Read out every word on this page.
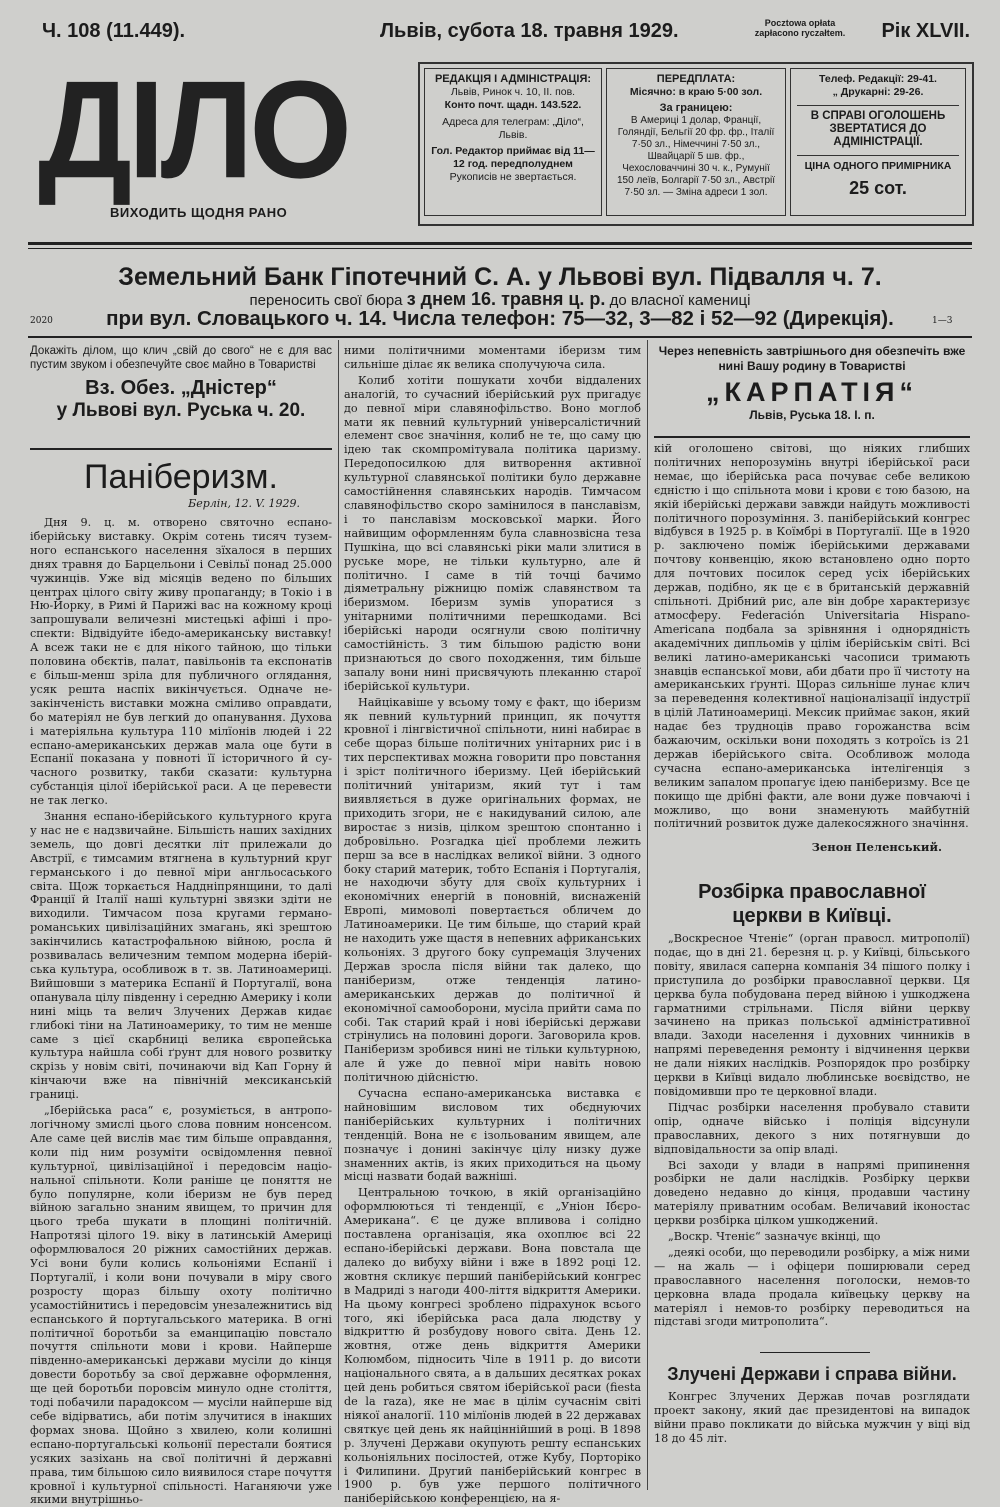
Ч. 108 (11.449).	Львів, субота 18. травня 1929.	Pocztowa opłata zapłacono ryczałtem. Рік XLVII.
ДІЛО
ВИХОДИТЬ ЩОДНЯ РАНО
РЕДАКЦІЯ І АДМІНІСТРАЦІЯ:
Львів, Ринок ч. 10, II. пов.
Конто почт. щадн. 143.522.
Адреса для телеграм: „Діло“, Львів.
Гол. Редактор приймає від 11—12 год. передполуднем
Рукописів не звертається.
ПЕРЕДПЛАТА:
Місячно: в краю 5·00 зол.
За границею:
В Америці 1 долар, Франції, Голяндії, Бельгії 20 фр. фр., Італії 7·50 зл., Німеччині 7·50 зл., Швайцарії 5 шв. фр., Чехословаччині 30 ч. к., Румунії 150 леїв, Болгарії 7·50 зл., Австрії 7·50 зл. — Зміна адреси 1 зол.
Телеф. Редакції: 29-41.
„ Друкарні: 29-26.
В СПРАВІ ОГОЛОШЕНЬ ЗВЕРТАТИСЯ ДО АДМІНІСТРАЦІЇ.
ЦІНА ОДНОГО ПРИМІРНИКА
25 сот.
Земельний Банк Гіпотечний С. А. у Львові вул. Підвалля ч. 7.
переносить свої бюра з днем 16. травня ц. р. до власної камениці
2020	при вул. Словацького ч. 14. Числа телефон: 75—32, 3—82 і 52—92 (Дирекція).	1—3
Докажіть ділом, що клич „свій до свого“ не є для вас пустим звуком і обезпечуйте своє майно в Товаристві
Вз. Обез. „Дністер“
у Львові вул. Руська ч. 20.
Паніберизм.
Берлін, 12. V. 1929.

Дня 9. ц. м. отворено святочно еспано-іберійську виставку. Окрім сотень тисяч туземного еспанського населення зїхалося в перших днях травня до Барцельони і Севільї понад 25.000 чужинців. Уже від місяців ведено по більших центрах цілого світу живу пропаганду; в Токіо і в Ню-Йорку, в Римі й Парижі вас на кожному кроці запрошували величезні мистецькі афіші і проспекти: Відвідуйте ібедо-американську виставку! А всеж таки не є для нікого тайною, що тільки половина обєктів, палат, павільонів та експонатів є більш-менш зріла для публичного оглядання, усяк решта наспіх викінчується. Одначе незакінченість виставки можна сміливо оправдати, бо матеріял не був легкий до опанування. Духова і матеріяльна культура 110 мілїонів людей і 22 еспано-американських держав мала оце бути в Еспанії показана у повноті її історичного й сучасного розвитку, такби сказати: культурна субстанція цілої іберійської раси. А це перевести не так легко.

Знання еспано-іберійського культурного круга у нас не є надзвичайне. Більшість наших західних земель, що довгі десятки літ прилежали до Австрії, є тимсамим втягнена в культурний круг германського і до певної міри англьосаського світа. Щож торкається Наддніпрянщини, то далі Франції й Італії наші культурні звязки здіти не виходили. Тимчасом поза кругами германороманських цивілізаційних змагань, які зрештою закінчились катастрофальною війною, росла й розвивалась величезним темпом модерна іберійська культура, особливож в т. зв. Латиноамериці. Вийшовши з материка Еспанії й Португалії, вона опанувала цілу південну і середню Америку і коли нині міць та велич Злучених Держав кидає глибокі тіни на Латиноамерику, то тим не менше саме з цієї скарбниці велика європейська культура найшла собі ґрунт для нового розвитку скрізь у новім світі, починаючи від Кап Горну й кінчаючи вже на північній мексиканській границі.

„Іберійська раса“ є, розуміється, в антропологічному змислі цього слова повним нонсенсом. Але саме цей вислів має тим більше оправдання, коли під ним розуміти освідомлення певної культурної, цивілізаційної і передовсім національної спільноти. Коли раніше це поняття не було популярне, коли іберизм не був перед війною загально знаним явищем, то причин для цього треба шукати в площині політичній. Напротязі цілого 19. віку в латинській Америці оформлювалося 20 ріжних самостійних держав. Усі вони були колись кольоніями Еспанії і Португалії, і коли вони почували в міру свого розросту щораз більшу охоту політично усамостійнитись і передовсім унезалежнитись від еспанського й португальського материка. В огні політичної боротьби за еманципацію повстало почуття спільноти мови і крови. Найперше південно-американські держави мусіли до кінця довести боротьбу за свої державне оформлення, ще цей боротьби поровсім минуло одне століття, тоді побачили парадоксом — мусіли найперше від себе відірватись, аби потім злучитися в інакших формах знова. Щойно з хвилею, коли колишні еспано-португальські кольонії перестали боятися усяких зазіхань на свої політичні й державні права, тим більшою сило виявилося старе почуття кровної і культурної спільності. Наганяючи уже якими внутрішньо-

ними політичними моментами іберизм тим сильніше ділає як велика сполучуюча сила.

Колиб хотіти пошукати хочби віддалених аналогій, то сучасний іберійський рух пригадує до певної міри славянофільство. Воно моглоб мати як певний культурний універсалістичний елемент своє значіння, колиб не те, що саму цю ідею так скомпромітувала політика царизму. Передопосилкою для витворення активної культурної славянської політики було державне самостійнення славянських народів. Тимчасом славянофільство скоро замінилося в панславізм, і то панславізм московської марки. Його найвищим оформленням була славнозвісна теза Пушкіна, що всі славянські ріки мали злитися в руське море, не тільки культурно, але й політично. І саме в тій точці бачимо діяметральну ріжницю поміж славянством та іберизмом. Іберизм зумів упоратися з унітарними політичними перешкодами. Всі іберійські народи осягнули свою політичну самостійність. З тим більшою радістю вони признаються до свого походження, тим більше запалу вони нині присвячують плеканню старої іберійської культури.

Найцікавіше у всьому тому є факт, що іберизм як певний культурний принцип, як почуття кровної і лінгвістичної спільноти, нині набирає в себе щораз більше політичних унітарних рис і в тих перспективах можна говорити про повстання і зріст політичного іберизму. Цей іберійський політичний унітаризм, який тут і там виявляється в дуже оригінальних формах, не приходить згори, не є накидуваний силою, але виростає з низів, цілком зрештою спонтанно і добровільно. Розгадка цієї проблеми лежить перш за все в наслідках великої війни. З одного боку старий материк, тобто Еспанія і Португалія, не находючи збуту для своїх культурних і економічних енергій в поновній, виснаженій Европі, мимоволі повертається обличем до Латиноамерики. Це тим більше, що старий край не находить уже щастя в непевних африканських кольоніях. З другого боку супремація Злучених Держав зросла після війни так далеко, що паніберизм, отже тенденція латино-американських держав до політичної й економічної самооборони, мусіла прийти сама по собі. Так старий край і нові іберійські держави стрінулись на половині дороги. Заговорила кров. Паніберизм зробився нині не тільки культурною, але й уже до певної міри навіть новою політичною дійсністю.

Сучасна еспано-американська виставка є найновішим висловом тих обєднуючих паніберійських культурних і політичних тенденцій. Вона не є ізольованим явищем, але позначує і донині закінчує цілу низку дуже знаменних актів, із яких приходиться на цьому місці назвати бодай важніші.

Центральною точкою, в якій організаційно оформлюються ті тенденції, є „Уніон Ібєро-Американа“. Є це дуже впливова і солідно поставлена організація, яка охоплює всі 22 еспано-іберійські держави. Вона повстала ще далеко до вибуху війни і вже в 1892 році 12. жовтня скликує перший паніберійський конгрес в Мадриді з нагоди 400-ліття відкриття Америки. На цьому конгресі зроблено підрахунок всього того, які іберійська раса дала людству у відкриттю й розбудову нового світа. День 12. жовтня, отже день відкриття Америки Колюмбом, підносить Чіле в 1911 р. до висоти національного свята, а в дальших десятках роках цей день робиться святом іберійської раси (fiesta de la raza), яке не має в цілім сучаснім світі ніякої аналогії. 110 мілїонів людей в 22 державах святкує цей день як найціннійший в році. В 1898 р. Злучені Держави окупують решту еспанських кольоніяльних посілостей, отже Кубу, Порторіко і Филипини. Другий паніберійський конгрес в 1900 р. був уже першого політичного паніберійською конференцією, на я-

Через непевність завтрішнього дня обезпечіть вже нині Вашу родину в Товаристві
„КАРПАТІЯ“
Львів, Руська 18. I. п.

кій оголошено світові, що ніяких глибших політичних непорозумінь внутрі іберійської раси немає, що іберійська раса почуває себе великою єдністю і що спільнота мови і крови є тою базою, на якій іберійські держави завжди найдуть можливості політичного порозуміння. 3. паніберійський конгрес відбувся в 1925 р. в Коїмбрі в Португалії. Ще в 1920 р. заключено поміж іберійськими державами почтову конвенцію, якою встановлено одно порто для почтових посилок серед усіх іберійських держав, подібно, як це є в британській державній спільноті. Дрібний рис, але він добре характеризує атмосферу. Federación Universitaria Hispano-Americana подбала за зрівняння і однорядність академічних дипльомів у цілім іберійськім світі. Всі великі латино-американські часописи тримають знавців еспанської мови, аби дбати про її чистоту на американських ґрунті. Щораз сильніше лунає клич за переведення колективної націоналізації індустрії в цілій Латиноамериці. Мексик приймає закон, який надає без трудноців право горожанства всім бажаючим, оскільки вони походять з котроїсь із 21 держав іберійського світа. Особливож молода сучасна еспано-американська інтелігенція з великим запалом пропагує ідею паніберизму. Все це покищо ще дрібні факти, але вони дуже повчаючі і можливо, що вони знаменують майбутній політичний розвиток дуже далекосяжного значіння.

Зенон Пеленський.
Розбірка православної церкви в Київці.

„Воскресное Чтеніє“ (орган правосл. митрополії) подає, що в дні 21. березня ц. р. у Київці, більського повіту, явилася саперна компанія 34 пішого полку і приступила до розбірки православної церкви. Ця церква була побудована перед війною і ушкоджена гарматними стрільнами. Після війни церкву зачинено на приказ польської адміністративної влади. Заходи населення і духовних чинників в напрямі переведення ремонту і відчинення церкви не дали ніяких наслідків. Розпорядок про розбірку церкви в Київці видало люблинське воєвідство, не повідомивши про те церковної влади.

Підчас розбірки населення пробувало ставити опір, одначе військо і поліція відсунули православних, декого з них потягнувши до відповідальности за опір владі.

Всі заходи у влади в напрямі припинення розбірки не дали наслідків. Розбірку церкви доведено недавно до кінця, продавши частину матеріялу приватним особам. Величавий іконостас церкви розбірка цілком ушкоджений.

„Воскр. Чтеніє“ зазначує вкінці, що

„деякі особи, що переводили розбірку, а між ними — на жаль — і офіцери поширювали серед православного населення поголоски, немов-то церковна влада продала київецьку церкву на матеріял і немов-то розбірку переводиться на підставі згоди митрополита“.

Злучені Держави і справа війни.

Конгрес Злучених Держав почав розглядати проект закону, який дає президентові на випадок війни право покликати до війська мужчин у віці від 18 до 45 літ.
